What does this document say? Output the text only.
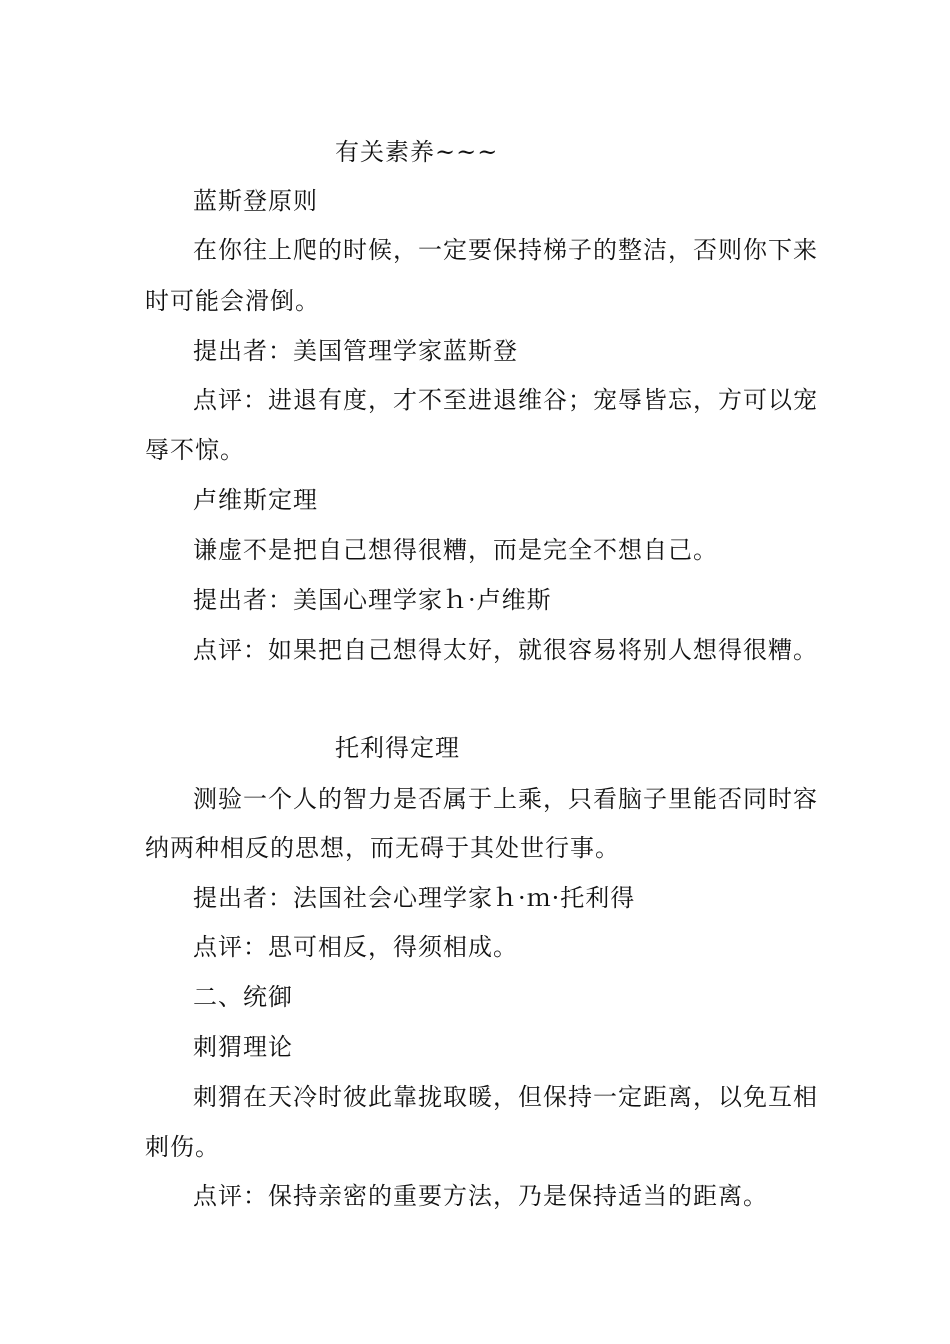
有关素养~~~
蓝斯登原则
在你往上爬的时候，一定要保持梯子的整洁，否则你下来
时可能会滑倒。
提出者：美国管理学家蓝斯登
点评：进退有度，才不至进退维谷；宠辱皆忘，方可以宠
辱不惊。
卢维斯定理
谦虚不是把自己想得很糟，而是完全不想自己。
提出者：美国心理学家ｈ·卢维斯
点评：如果把自己想得太好，就很容易将别人想得很糟。
托利得定理
测验一个人的智力是否属于上乘，只看脑子里能否同时容
纳两种相反的思想，而无碍于其处世行事。
提出者：法国社会心理学家ｈ·ｍ·托利得
点评：思可相反，得须相成。
二、统御
刺猬理论
刺猬在天冷时彼此靠拢取暖，但保持一定距离，以免互相
刺伤。
点评：保持亲密的重要方法，乃是保持适当的距离。
